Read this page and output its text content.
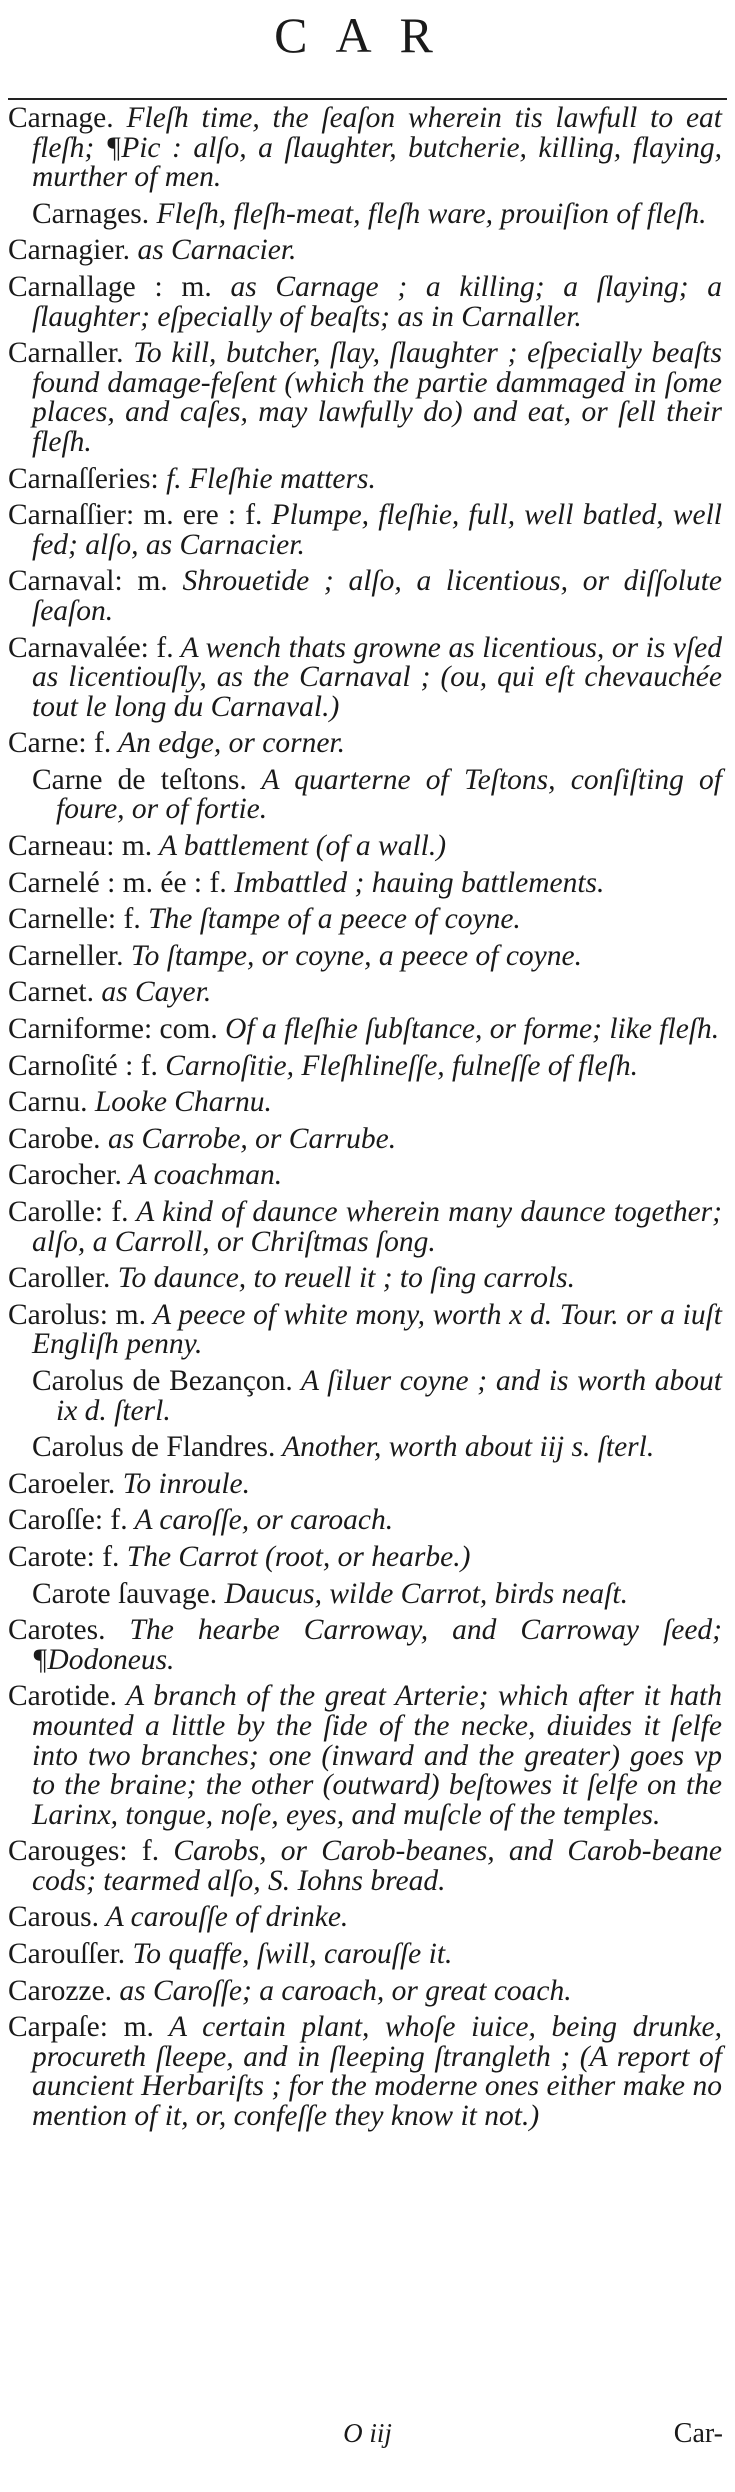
CAR
Carnage. Fleſh time, the ſeaſon wherein tis lawfull to eat fleſh; ¶Pic : alſo, a ſlaughter, butcherie, killing, flaying, murther of men.
Carnages. Fleſh, fleſh-meat, fleſh ware, prouiſion of fleſh.
Carnagier. as Carnacier.
Carnallage : m. as Carnage ; a killing; a ſlaying; a ſlaughter; eſpecially of beaſts; as in Carnaller.
Carnaller. To kill, butcher, ſlay, ſlaughter ; eſpecially beaſts found damage-feſent (which the partie dammaged in ſome places, and caſes, may lawfully do) and eat, or ſell their fleſh.
Carnaſſeries: f. Fleſhie matters.
Carnaſſier: m. ere : f. Plumpe, fleſhie, full, well batled, well fed; alſo, as Carnacier.
Carnaval: m. Shrouetide ; alſo, a licentious, or diſſolute ſeaſon.
Carnavalée: f. A wench thats growne as licentious, or is vſed as licentiouſly, as the Carnaval ; (ou, qui eſt chevauchée tout le long du Carnaval.)
Carne: f. An edge, or corner.
Carne de teſtons. A quarterne of Teſtons, conſiſting of foure, or of fortie.
Carneau: m. A battlement (of a wall.)
Carnelé : m. ée : f. Imbattled ; hauing battlements.
Carnelle: f. The ſtampe of a peece of coyne.
Carneller. To ſtampe, or coyne, a peece of coyne.
Carnet. as Cayer.
Carniforme: com. Of a fleſhie ſubſtance, or forme; like fleſh.
Carnoſité : f. Carnoſitie, Fleſhlineſſe, fulneſſe of fleſh.
Carnu. Looke Charnu.
Carobe. as Carrobe, or Carrube.
Carocher. A coachman.
Carolle: f. A kind of daunce wherein many daunce together; alſo, a Carroll, or Chriſtmas ſong.
Caroller. To daunce, to reuell it ; to ſing carrols.
Carolus: m. A peece of white mony, worth x d. Tour. or a iuſt Engliſh penny.
Carolus de Bezançon. A ſiluer coyne ; and is worth about ix d. ſterl.
Carolus de Flandres. Another, worth about iij s. ſterl.
Caroeler. To inroule.
Caroſſe: f. A caroſſe, or caroach.
Carote: f. The Carrot (root, or hearbe.)
Carote ſauvage. Daucus, wilde Carrot, birds neaſt.
Carotes. The hearbe Carroway, and Carroway ſeed; ¶Dodoneus.
Carotide. A branch of the great Arterie; which after it hath mounted a little by the ſide of the necke, diuides it ſelfe into two branches; one (inward and the greater) goes vp to the braine; the other (outward) beſtowes it ſelfe on the Larinx, tongue, noſe, eyes, and muſcle of the temples.
Carouges: f. Carobs, or Carob-beanes, and Carob-beane cods; tearmed alſo, S. Iohns bread.
Carous. A carouſſe of drinke.
Carouſſer. To quaffe, ſwill, carouſſe it.
Carozze. as Caroſſe; a caroach, or great coach.
Carpaſe: m. A certain plant, whoſe iuice, being drunke, procureth ſleepe, and in ſleeping ſtrangleth ; (A report of auncient Herbariſts ; for the moderne ones either make no mention of it, or, confeſſe they know it not.)
O iij	Car-
